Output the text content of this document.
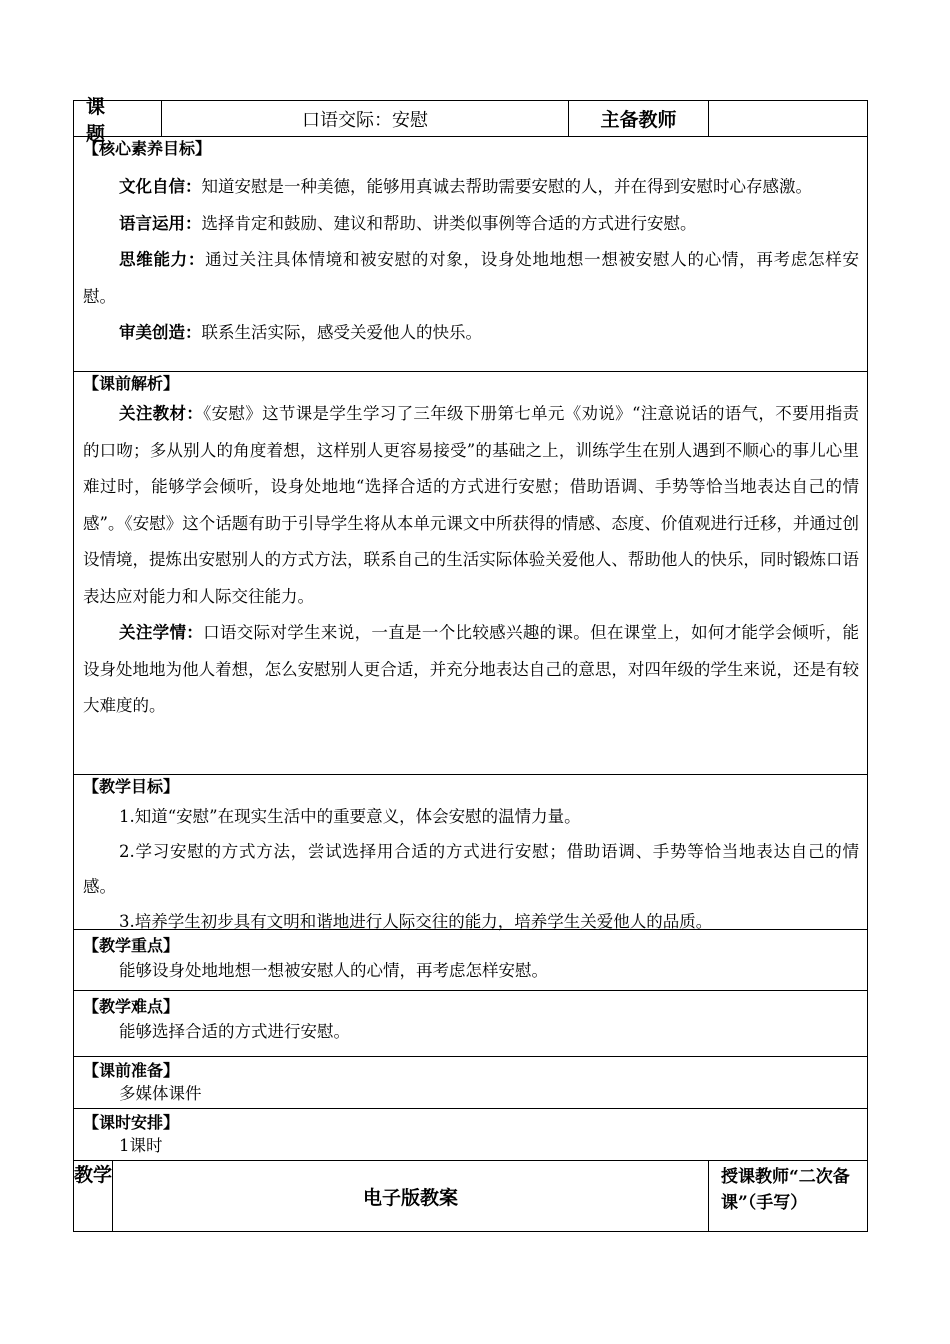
课 题
口语交际：安慰	主备教师
【核心素养目标】
文化自信：知道安慰是一种美德，能够用真诚去帮助需要安慰的人，并在得到安慰时心存感激。
语言运用：选择肯定和鼓励、建议和帮助、讲类似事例等合适的方式进行安慰。
思维能力：通过关注具体情境和被安慰的对象，设身处地地想一想被安慰人的心情，再考虑怎样安慰。
审美创造：联系生活实际，感受关爱他人的快乐。
【课前解析】
关注教材：《安慰》这节课是学生学习了三年级下册第七单元《劝说》“注意说话的语气，不要用指责的口吻；多从别人的角度着想，这样别人更容易接受”的基础之上，训练学生在别人遇到不顺心的事儿心里难过时，能够学会倾听，设身处地地“选择合适的方式进行安慰；借助语调、手势等恰当地表达自己的情感”。《安慰》这个话题有助于引导学生将从本单元课文中所获得的情感、态度、价值观进行迁移，并通过创设情境，提炼出安慰别人的方式方法，联系自己的生活实际体验关爱他人、帮助他人的快乐，同时锻炼口语表达应对能力和人际交往能力。
关注学情：口语交际对学生来说，一直是一个比较感兴趣的课。但在课堂上，如何才能学会倾听，能设身处地地为他人着想，怎么安慰别人更合适，并充分地表达自己的意思，对四年级的学生来说，还是有较大难度的。
【教学目标】
1.知道“安慰”在现实生活中的重要意义，体会安慰的温情力量。
2.学习安慰的方式方法，尝试选择用合适的方式进行安慰；借助语调、手势等恰当地表达自己的情感。
3.培养学生初步具有文明和谐地进行人际交往的能力，培养学生关爱他人的品质。
【教学重点】
能够设身处地地想一想被安慰人的心情，再考虑怎样安慰。
【教学难点】
能够选择合适的方式进行安慰。
【课前准备】
多媒体课件
【课时安排】
1课时
教学
电子版教案
授课教师“二次备课”（手写）
